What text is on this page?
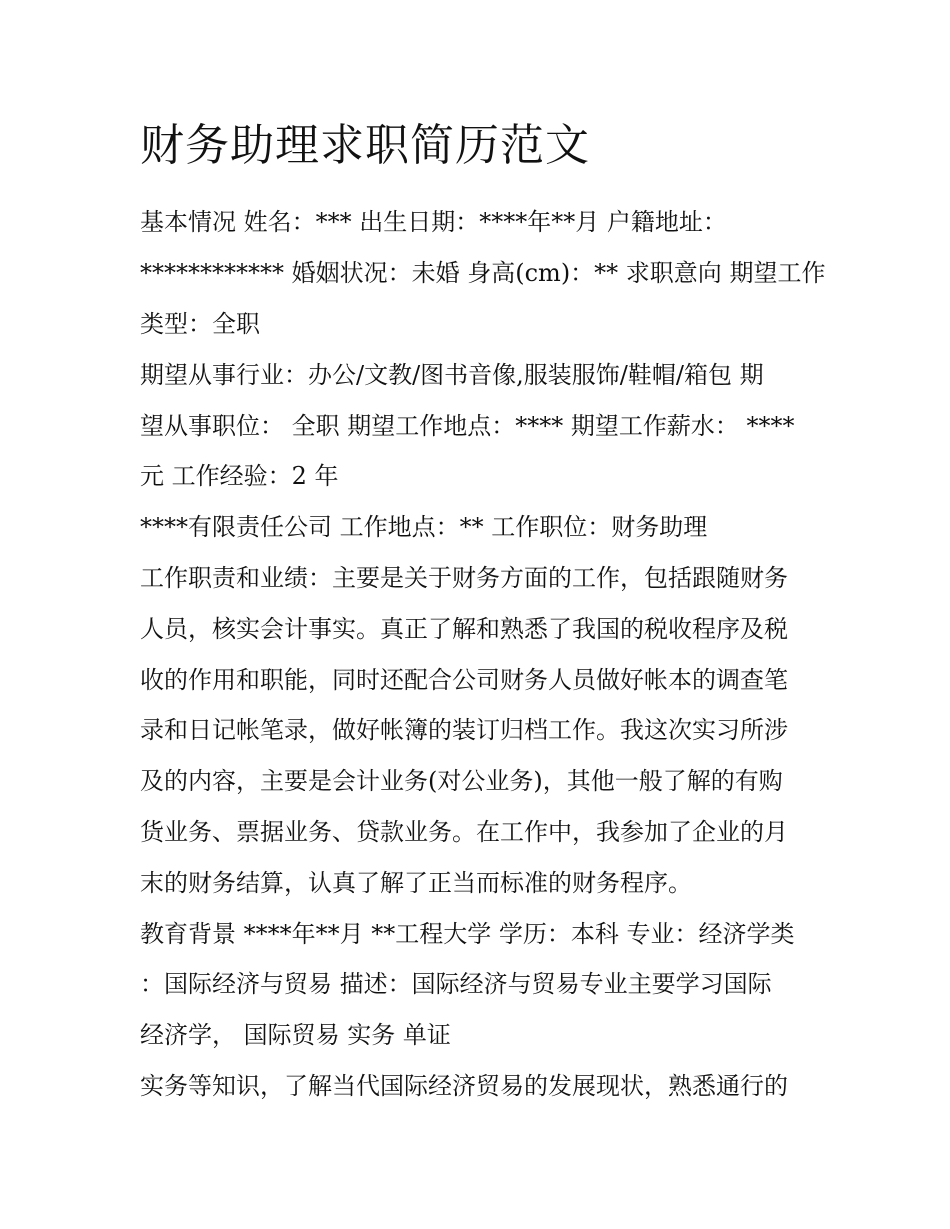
财务助理求职简历范文

基本情况 姓名：*** 出生日期：****年**月 户籍地址：

************ 婚姻状况：未婚 身高(cm)：** 求职意向 期望工作

类型：全职

期望从事行业：办公/文教/图书音像,服装服饰/鞋帽/箱包 期

望从事职位： 全职 期望工作地点：**** 期望工作薪水： ****

元 工作经验：2 年

****有限责任公司 工作地点：** 工作职位：财务助理

工作职责和业绩：主要是关于财务方面的工作，包括跟随财务

人员，核实会计事实。真正了解和熟悉了我国的税收程序及税

收的作用和职能，同时还配合公司财务人员做好帐本的调查笔

录和日记帐笔录，做好帐簿的装订归档工作。我这次实习所涉

及的内容，主要是会计业务(对公业务)，其他一般了解的有购

货业务、票据业务、贷款业务。在工作中，我参加了企业的月

末的财务结算，认真了解了正当而标准的财务程序。

教育背景 ****年**月 **工程大学 学历：本科 专业：经济学类

：国际经济与贸易 描述：国际经济与贸易专业主要学习国际

经济学， 国际贸易 实务 单证

实务等知识，了解当代国际经济贸易的发展现状，熟悉通行的
